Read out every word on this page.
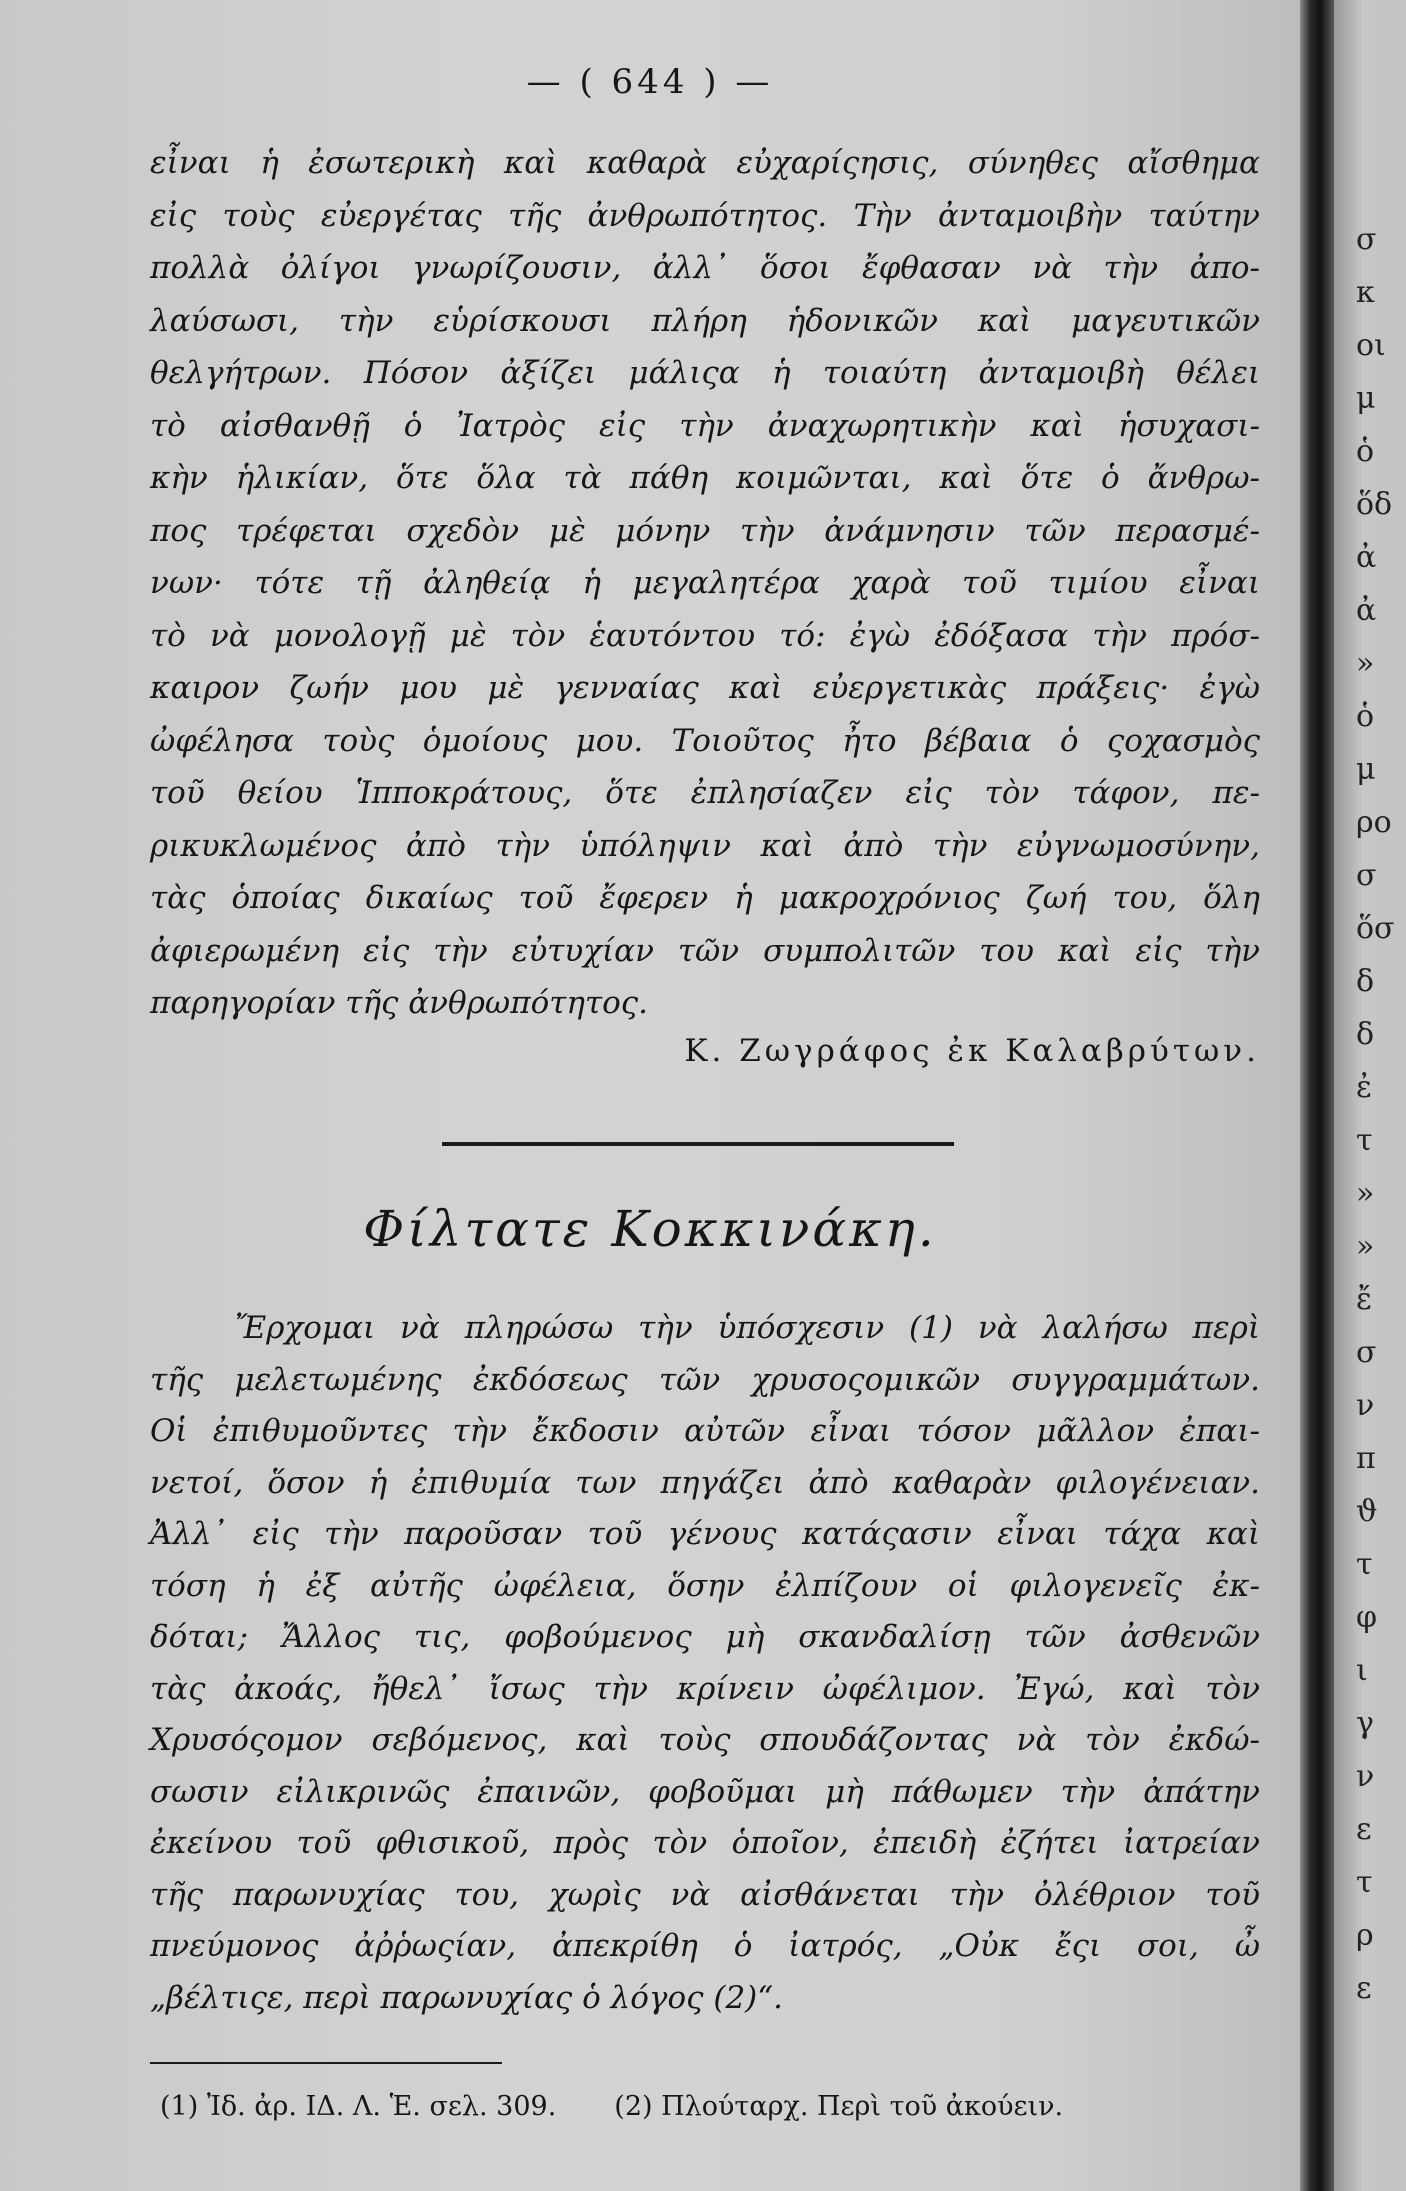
σ
κ
οι
μ
ὁ
ὅδ
ἀ
ἀ
»
ὁ
μ
ρο
σ
ὅσ
δ
δ
ἐ
τ
»
»
ἔ
σ
ν
π
ϑ
τ
φ
ι
γ
ν
ε
τ
ρ
ε
— ( 644 ) —
εἶναι ἡ ἐσωτερικὴ καὶ καθαρὰ εὐχαρίςησις, σύνηθες αἴσθημα
εἰς τοὺς εὐεργέτας τῆς ἀνθρωπότητος. Τὴν ἀνταμοιβὴν ταύτην
πολλὰ ὀλίγοι γνωρίζουσιν, ἀλλ᾽ ὅσοι ἔφθασαν νὰ τὴν ἀπο-
λαύσωσι, τὴν εὑρίσκουσι πλήρη ἡδονικῶν καὶ μαγευτικῶν
θελγήτρων. Πόσον ἀξίζει μάλιςα ἡ τοιαύτη ἀνταμοιβὴ θέλει
τὸ αἰσθανθῇ ὁ Ἰατρὸς εἰς τὴν ἀναχωρητικὴν καὶ ἡσυχασι-
κὴν ἡλικίαν, ὅτε ὅλα τὰ πάθη κοιμῶνται, καὶ ὅτε ὁ ἄνθρω-
πος τρέφεται σχεδὸν μὲ μόνην τὴν ἀνάμνησιν τῶν περασμέ-
νων· τότε τῇ ἀληθείᾳ ἡ μεγαλητέρα χαρὰ τοῦ τιμίου εἶναι
τὸ νὰ μονολογῇ μὲ τὸν ἑαυτόντου τό: ἐγὼ ἐδόξασα τὴν πρόσ-
καιρον ζωήν μου μὲ γενναίας καὶ εὐεργετικὰς πράξεις· ἐγὼ
ὠφέλησα τοὺς ὁμοίους μου. Τοιοῦτος ἦτο βέβαια ὁ ςοχασμὸς
τοῦ θείου Ἱπποκράτους, ὅτε ἐπλησίαζεν εἰς τὸν τάφον, πε-
ρικυκλωμένος ἀπὸ τὴν ὑπόληψιν καὶ ἀπὸ τὴν εὐγνωμοσύνην,
τὰς ὁποίας δικαίως τοῦ ἔφερεν ἡ μακροχρόνιος ζωή του, ὅλη
ἀφιερωμένη εἰς τὴν εὐτυχίαν τῶν συμπολιτῶν του καὶ εἰς τὴν
παρηγορίαν τῆς ἀνθρωπότητος.
Κ. Ζωγράφος ἐκ Καλαβρύτων.
Φίλτατε Κοκκινάκη.
Ἔρχομαι νὰ πληρώσω τὴν ὑπόσχεσιν (1) νὰ λαλήσω περὶ
τῆς μελετωμένης ἐκδόσεως τῶν χρυσοςομικῶν συγγραμμάτων.
Οἱ ἐπιθυμοῦντες τὴν ἔκδοσιν αὐτῶν εἶναι τόσον μᾶλλον ἐπαι-
νετοί, ὅσον ἡ ἐπιθυμία των πηγάζει ἀπὸ καθαρὰν φιλογένειαν.
Ἀλλ᾽ εἰς τὴν παροῦσαν τοῦ γένους κατάςασιν εἶναι τάχα καὶ
τόση ἡ ἐξ αὐτῆς ὠφέλεια, ὅσην ἐλπίζουν οἱ φιλογενεῖς ἐκ-
δόται; Ἄλλος τις, φοβούμενος μὴ σκανδαλίσῃ τῶν ἀσθενῶν
τὰς ἀκοάς, ἤθελ᾽ ἴσως τὴν κρίνειν ὠφέλιμον. Ἐγώ, καὶ τὸν
Χρυσόςομον σεβόμενος, καὶ τοὺς σπουδάζοντας νὰ τὸν ἐκδώ-
σωσιν εἰλικρινῶς ἐπαινῶν, φοβοῦμαι μὴ πάθωμεν τὴν ἀπάτην
ἐκείνου τοῦ φθισικοῦ, πρὸς τὸν ὁποῖον, ἐπειδὴ ἐζήτει ἰατρείαν
τῆς παρωνυχίας του, χωρὶς νὰ αἰσθάνεται τὴν ὀλέθριον τοῦ
πνεύμονος ἀῤῥωςίαν, ἀπεκρίθη ὁ ἰατρός, „Οὐκ ἔςι σοι, ὦ
„βέλτιςε, περὶ παρωνυχίας ὁ λόγος (2)“.
(1) Ἰδ. ἀρ. ΙΔ. Λ. Ἑ. σελ. 309. (2) Πλούταρχ. Περὶ τοῦ ἀκούειν.
